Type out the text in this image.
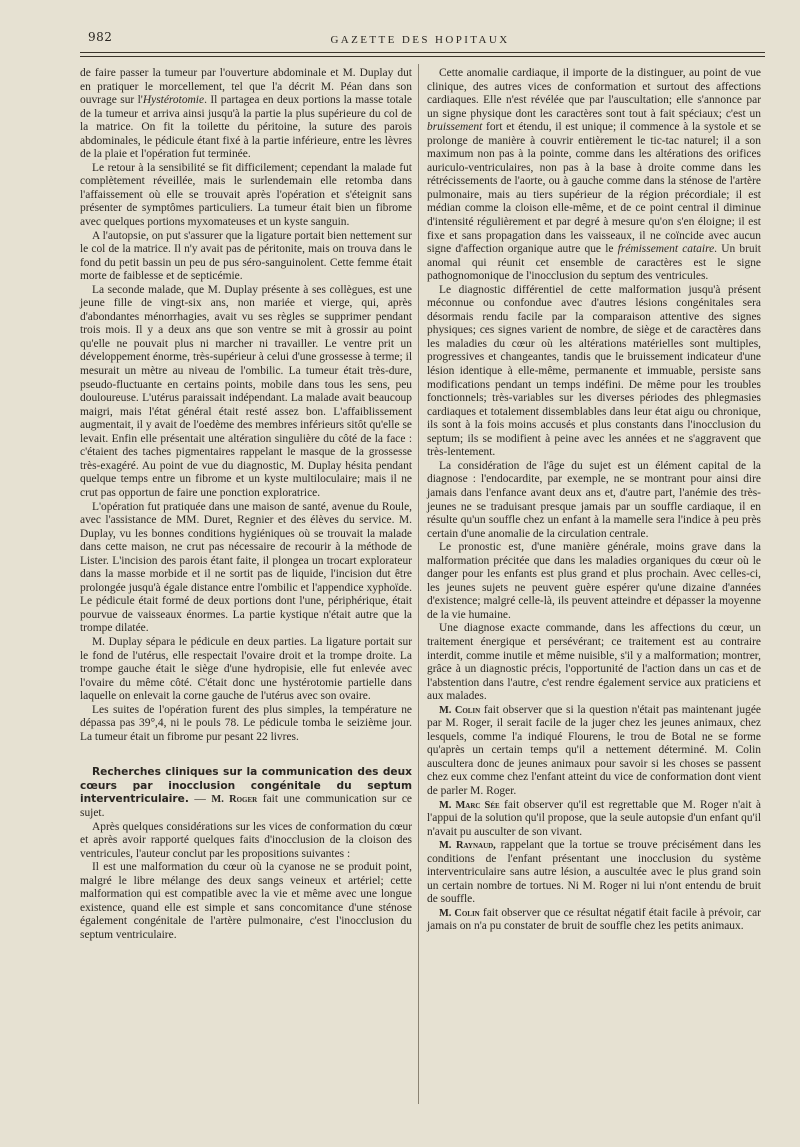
982	GAZETTE DES HOPITAUX

de faire passer la tumeur par l'ouverture abdominale et M. Duplay dut en pratiquer le morcellement, tel que l'a décrit M. Péan dans son ouvrage sur l'Hystérotomie. Il partagea en deux portions la masse totale de la tumeur et arriva ainsi jusqu'à la partie la plus supérieure du col de la matrice. On fit la toilette du péritoine, la suture des parois abdominales, le pédicule étant fixé à la partie inférieure, entre les lèvres de la plaie et l'opération fut terminée.

Le retour à la sensibilité se fit difficilement; cependant la malade fut complètement réveillée, mais le surlendemain elle retomba dans l'affaissement où elle se trouvait après l'opération et s'éteignit sans présenter de symptômes particuliers. La tumeur était bien un fibrome avec quelques portions myxomateuses et un kyste sanguin.

A l'autopsie, on put s'assurer que la ligature portait bien nettement sur le col de la matrice. Il n'y avait pas de péritonite, mais on trouva dans le fond du petit bassin un peu de pus séro-sanguinolent. Cette femme était morte de faiblesse et de septicémie.

La seconde malade, que M. Duplay présente à ses collègues, est une jeune fille de vingt-six ans, non mariée et vierge, qui, après d'abondantes ménorrhagies, avait vu ses règles se supprimer pendant trois mois. Il y a deux ans que son ventre se mit à grossir au point qu'elle ne pouvait plus ni marcher ni travailler. Le ventre prit un développement énorme, très-supérieur à celui d'une grossesse à terme; il mesurait un mètre au niveau de l'ombilic. La tumeur était très-dure, pseudo-fluctuante en certains points, mobile dans tous les sens, peu douloureuse. L'utérus paraissait indépendant. La malade avait beaucoup maigri, mais l'état général était resté assez bon. L'affaiblissement augmentait, il y avait de l'oedème des membres inférieurs sitôt qu'elle se levait. Enfin elle présentait une altération singulière du côté de la face : c'étaient des taches pigmentaires rappelant le masque de la grossesse très-exagéré. Au point de vue du diagnostic, M. Duplay hésita pendant quelque temps entre un fibrome et un kyste multiloculaire; mais il ne crut pas opportun de faire une ponction exploratrice.

L'opération fut pratiquée dans une maison de santé, avenue du Roule, avec l'assistance de MM. Duret, Regnier et des élèves du service. M. Duplay, vu les bonnes conditions hygiéniques où se trouvait la malade dans cette maison, ne crut pas nécessaire de recourir à la méthode de Lister. L'incision des parois étant faite, il plongea un trocart explorateur dans la masse morbide et il ne sortit pas de liquide, l'incision dut être prolongée jusqu'à égale distance entre l'ombilic et l'appendice xyphoïde. Le pédicule était formé de deux portions dont l'une, périphérique, était pourvue de vaisseaux énormes. La partie kystique n'était autre que la trompe dilatée.

M. Duplay sépara le pédicule en deux parties. La ligature portait sur le fond de l'utérus, elle respectait l'ovaire droit et la trompe droite. La trompe gauche était le siège d'une hydropisie, elle fut enlevée avec l'ovaire du même côté. C'était donc une hystérotomie partielle dans laquelle on enlevait la corne gauche de l'utérus avec son ovaire.

Les suites de l'opération furent des plus simples, la température ne dépassa pas 39°,4, ni le pouls 78. Le pédicule tomba le seizième jour. La tumeur était un fibrome pur pesant 22 livres.

Recherches cliniques sur la communication des deux cœurs par inocclusion congénitale du septum interventriculaire. — M. Roger fait une communication sur ce sujet.

Après quelques considérations sur les vices de conformation du cœur et après avoir rapporté quelques faits d'inocclusion de la cloison des ventricules, l'auteur conclut par les propositions suivantes :

Il est une malformation du cœur où la cyanose ne se produit point, malgré le libre mélange des deux sangs veineux et artériel; cette malformation qui est compatible avec la vie et même avec une longue existence, quand elle est simple et sans concomitance d'une sténose également congénitale de l'artère pulmonaire, c'est l'inocclusion du septum ventriculaire.

Cette anomalie cardiaque, il importe de la distinguer, au point de vue clinique, des autres vices de conformation et surtout des affections cardiaques. Elle n'est révélée que par l'auscultation; elle s'annonce par un signe physique dont les caractères sont tout à fait spéciaux; c'est un bruissement fort et étendu, il est unique; il commence à la systole et se prolonge de manière à couvrir entièrement le tic-tac naturel; il a son maximum non pas à la pointe, comme dans les altérations des orifices auriculo-ventriculaires, non pas à la base à droite comme dans les rétrécissements de l'aorte, ou à gauche comme dans la sténose de l'artère pulmonaire, mais au tiers supérieur de la région précordiale; il est médian comme la cloison elle-même, et de ce point central il diminue d'intensité régulièrement et par degré à mesure qu'on s'en éloigne; il est fixe et sans propagation dans les vaisseaux, il ne coïncide avec aucun signe d'affection organique autre que le frémissement cataire. Un bruit anomal qui réunit cet ensemble de caractères est le signe pathognomonique de l'inocclusion du septum des ventricules.

Le diagnostic différentiel de cette malformation jusqu'à présent méconnue ou confondue avec d'autres lésions congénitales sera désormais rendu facile par la comparaison attentive des signes physiques; ces signes varient de nombre, de siège et de caractères dans les maladies du cœur où les altérations matérielles sont multiples, progressives et changeantes, tandis que le bruissement indicateur d'une lésion identique à elle-même, permanente et immuable, persiste sans modifications pendant un temps indéfini. De même pour les troubles fonctionnels; très-variables sur les diverses périodes des phlegmasies cardiaques et totalement dissemblables dans leur état aigu ou chronique, ils sont à la fois moins accusés et plus constants dans l'inocclusion du septum; ils se modifient à peine avec les années et ne s'aggravent que très-lentement.

La considération de l'âge du sujet est un élément capital de la diagnose : l'endocardite, par exemple, ne se montrant pour ainsi dire jamais dans l'enfance avant deux ans et, d'autre part, l'anémie des très-jeunes ne se traduisant presque jamais par un souffle cardiaque, il en résulte qu'un souffle chez un enfant à la mamelle sera l'indice à peu près certain d'une anomalie de la circulation centrale.

Le pronostic est, d'une manière générale, moins grave dans la malformation précitée que dans les maladies organiques du cœur où le danger pour les enfants est plus grand et plus prochain. Avec celles-ci, les jeunes sujets ne peuvent guère espérer qu'une dizaine d'années d'existence; malgré celle-là, ils peuvent atteindre et dépasser la moyenne de la vie humaine.

Une diagnose exacte commande, dans les affections du cœur, un traitement énergique et persévérant; ce traitement est au contraire interdit, comme inutile et même nuisible, s'il y a malformation; montrer, grâce à un diagnostic précis, l'opportunité de l'action dans un cas et de l'abstention dans l'autre, c'est rendre également service aux praticiens et aux malades.

M. Colin fait observer que si la question n'était pas maintenant jugée par M. Roger, il serait facile de la juger chez les jeunes animaux, chez lesquels, comme l'a indiqué Flourens, le trou de Botal ne se forme qu'après un certain temps qu'il a nettement déterminé. M. Colin auscultera donc de jeunes animaux pour savoir si les choses se passent chez eux comme chez l'enfant atteint du vice de conformation dont vient de parler M. Roger.

M. Marc Sée fait observer qu'il est regrettable que M. Roger n'ait à l'appui de la solution qu'il propose, que la seule autopsie d'un enfant qu'il n'avait pu ausculter de son vivant.

M. Raynaud, rappelant que la tortue se trouve précisément dans les conditions de l'enfant présentant une inocclusion du système interventriculaire sans autre lésion, a auscultée avec le plus grand soin un certain nombre de tortues. Ni M. Roger ni lui n'ont entendu de bruit de souffle.

M. Colin fait observer que ce résultat négatif était facile à prévoir, car jamais on n'a pu constater de bruit de souffle chez les petits animaux.
